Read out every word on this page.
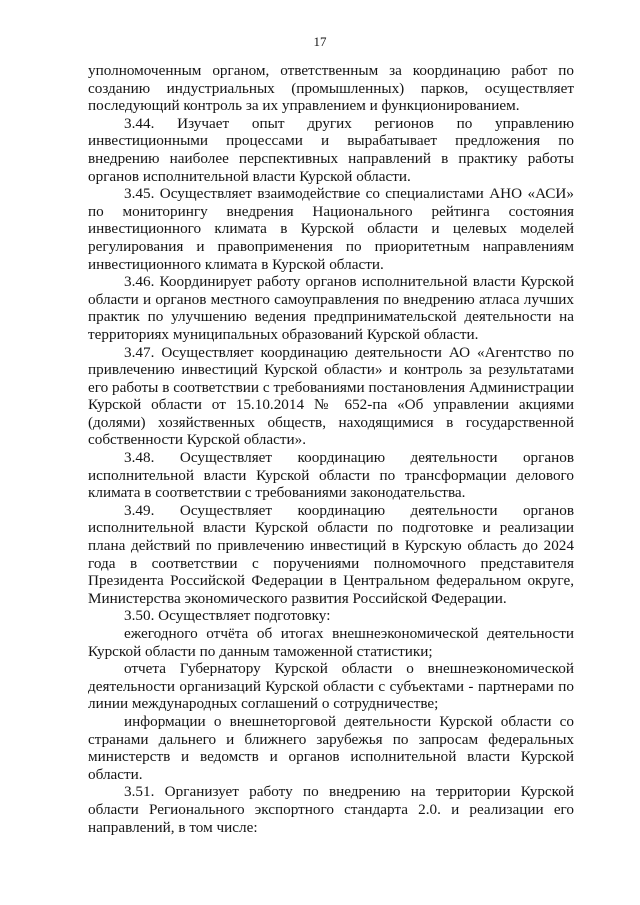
17

уполномоченным органом, ответственным за координацию работ по созданию индустриальных (промышленных) парков, осуществляет последующий контроль за их управлением и функционированием.

3.44. Изучает опыт других регионов по управлению инвестиционными процессами и вырабатывает предложения по внедрению наиболее перспективных направлений в практику работы органов исполнительной власти Курской области.

3.45. Осуществляет взаимодействие со специалистами АНО «АСИ» по мониторингу внедрения Национального рейтинга состояния инвестиционного климата в Курской области и целевых моделей регулирования и правоприменения по приоритетным направлениям инвестиционного климата в Курской области.

3.46. Координирует работу органов исполнительной власти Курской области и органов местного самоуправления по внедрению атласа лучших практик по улучшению ведения предпринимательской деятельности на территориях муниципальных образований Курской области.

3.47. Осуществляет координацию деятельности АО «Агентство по привлечению инвестиций Курской области» и контроль за результатами его работы в соответствии с требованиями постановления Администрации Курской области от 15.10.2014 № 652-па «Об управлении акциями (долями) хозяйственных обществ, находящимися в государственной собственности Курской области».

3.48. Осуществляет координацию деятельности органов исполнительной власти Курской области по трансформации делового климата в соответствии с требованиями законодательства.

3.49. Осуществляет координацию деятельности органов исполнительной власти Курской области по подготовке и реализации плана действий по привлечению инвестиций в Курскую область до 2024 года в соответствии с поручениями полномочного представителя Президента Российской Федерации в Центральном федеральном округе, Министерства экономического развития Российской Федерации.

3.50. Осуществляет подготовку:

ежегодного отчёта об итогах внешнеэкономической деятельности Курской области по данным таможенной статистики;

отчета Губернатору Курской области о внешнеэкономической деятельности организаций Курской области с субъектами - партнерами по линии международных соглашений о сотрудничестве;

информации о внешнеторговой деятельности Курской области со странами дальнего и ближнего зарубежья по запросам федеральных министерств и ведомств и органов исполнительной власти Курской области.

3.51. Организует работу по внедрению на территории Курской области Регионального экспортного стандарта 2.0. и реализации его направлений, в том числе:
